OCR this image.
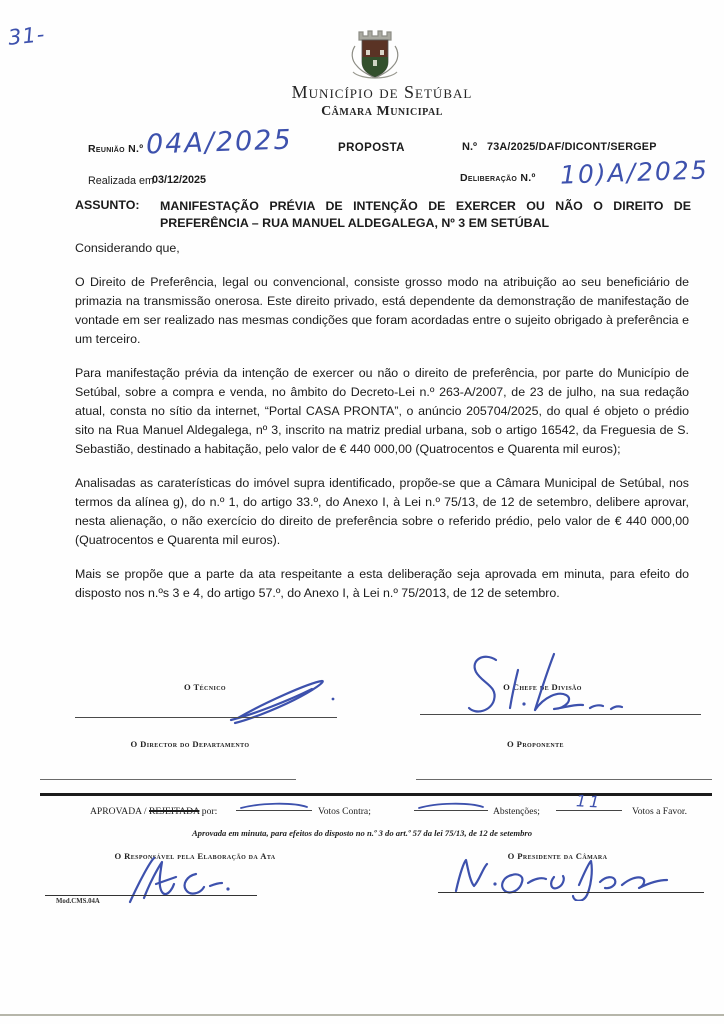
31-
Município de Setúbal
Câmara Municipal
Reunião N.º 04A/2025	PROPOSTA	N.º 73A/2025/DAF/DICONT/SERGEP
Realizada em
03/12/2025	Deliberação N.º 10)A/2025
ASSUNTO:	MANIFESTAÇÃO PRÉVIA DE INTENÇÃO DE EXERCER OU NÃO O DIREITO DE PREFERÊNCIA – RUA MANUEL ALDEGALEGA, Nº 3 EM SETÚBAL

Considerando que,

O Direito de Preferência, legal ou convencional, consiste grosso modo na atribuição ao seu beneficiário de primazia na transmissão onerosa. Este direito privado, está dependente da demonstração de manifestação de vontade em ser realizado nas mesmas condições que foram acordadas entre o sujeito obrigado à preferência e um terceiro.

Para manifestação prévia da intenção de exercer ou não o direito de preferência, por parte do Município de Setúbal, sobre a compra e venda, no âmbito do Decreto-Lei n.º 263-A/2007, de 23 de julho, na sua redação atual, consta no sítio da internet, “Portal CASA PRONTA”, o anúncio 205704/2025, do qual é objeto o prédio sito na Rua Manuel Aldegalega, nº 3, inscrito na matriz predial urbana, sob o artigo 16542, da Freguesia de S. Sebastião, destinado a habitação, pelo valor de € 440 000,00 (Quatrocentos e Quarenta mil euros);

Analisadas as caraterísticas do imóvel supra identificado, propõe-se que a Câmara Municipal de Setúbal, nos termos da alínea g), do n.º 1, do artigo 33.º, do Anexo I, à Lei n.º 75/13, de 12 de setembro, delibere aprovar, nesta alienação, o não exercício do direito de preferência sobre o referido prédio, pelo valor de € 440 000,00 (Quatrocentos e Quarenta mil euros).

Mais se propõe que a parte da ata respeitante a esta deliberação seja aprovada em minuta, para efeito do disposto nos n.ºs 3 e 4, do artigo 57.º, do Anexo I, à Lei n.º 75/2013, de 12 de setembro.

O Técnico	O Chefe de Divisão
O Director do Departamento	O Proponente
APROVADA / REJEITADA por:	Votos Contra;	Abstenções; 11	Votos a Favor.
Aprovada em minuta, para efeitos do disposto no n.º 3 do art.º 57 da lei 75/13, de 12 de setembro
O Responsável pela Elaboração da Ata	O Presidente da Câmara
Mod.CMS.04A
